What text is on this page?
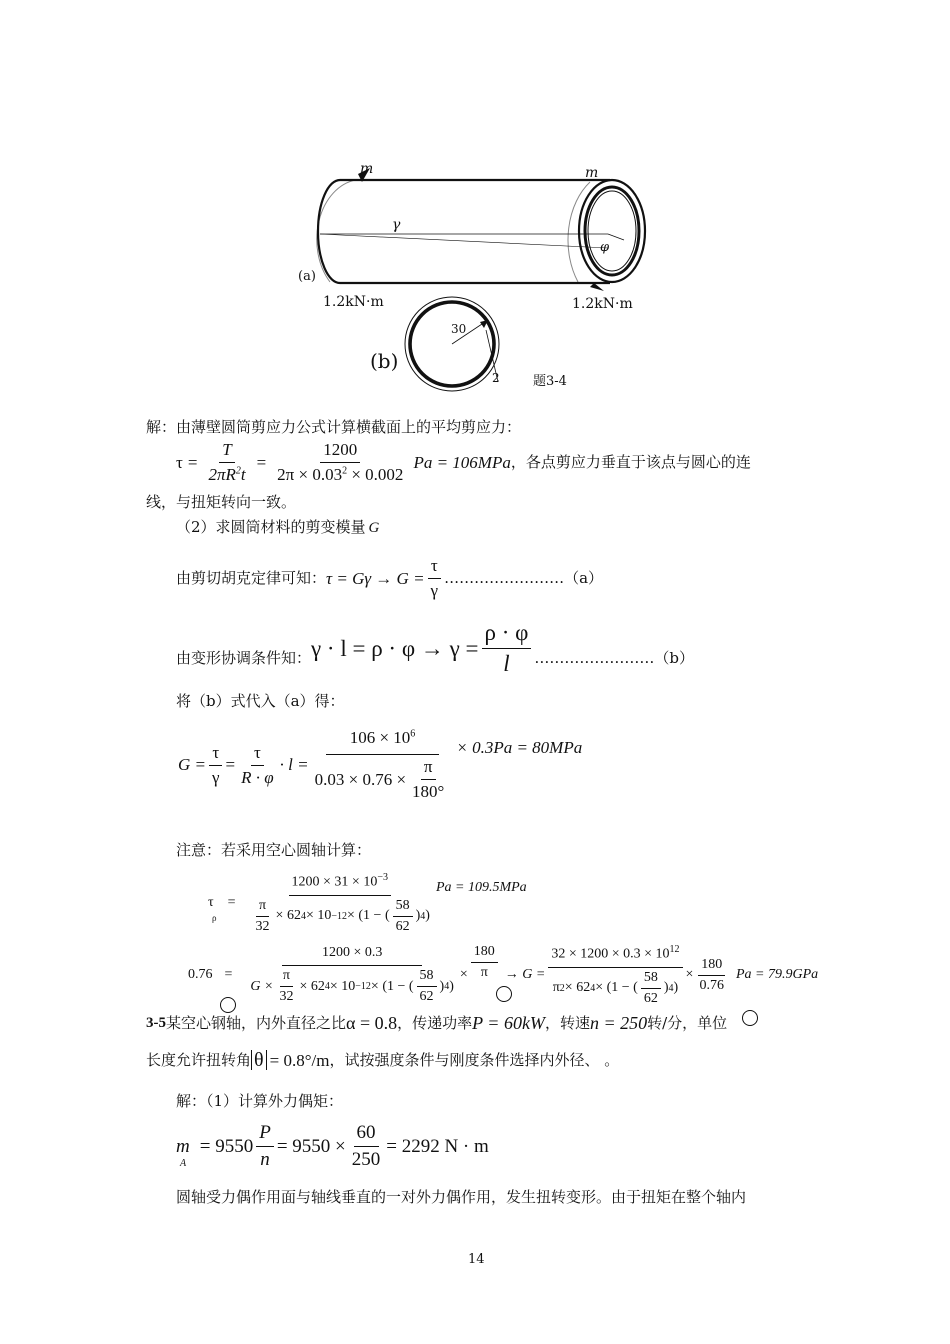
m	m
γ
φ
(a)
1.2kN·m	1.2kN·m
(b)
30
2	题3-4
解：由薄壁圆筒剪应力公式计算横截面上的平均剪应力：
$\tau = \frac{T}{2\pi R^2t} = \frac{1200}{2\pi \times 0.03^2 \times 0.002}$ Pa = 106MPa ，各点剪应力垂直于该点与圆心的连
线，与扭矩转向一致。
（2）求圆筒材料的剪变模量 G
由剪切胡克定律可知： $\tau = G\gamma \to G = \frac{\tau}{\gamma}$ ……………………（a）
由变形协调条件知： $\gamma \cdot l = \rho \cdot \varphi \to \gamma = \frac{\rho \cdot \varphi}{l}$ ……………………（b）
将（b）式代入（a）得：
$G = \frac{\tau}{\gamma} = \frac{\tau}{R \cdot \varphi} \cdot l = \frac{106 \times 10^6}{0.03 \times 0.76 \times \frac{\pi}{180^\circ}} \times 0.3Pa = 80MPa$
注意：若采用空心圆轴计算：
τ
ρ
=
$1200 \times 31 \times 10^{-3}$
$\frac{\pi}{32} \times 62$ 4 × 10 −12 × (1 − ( $\frac{58}{62}$ ) 4 )
Pa = 109.5MPa
0.76 =
1200 × 0.3
$G \times \frac{\pi}{32} \times 62$ 4 × 10 −12 × (1 − ( $\frac{58}{62}$ ) 4 )
× $\frac{180}{\pi} \to G = \frac{32 \times 1200 \times 0.3 \times 10^{12}}{\pi 2 \times 62 4 \times (1 - ( \frac{58}{62} ) 4 )} \times \frac{180}{0.76}$ Pa = 79.9GPa
3-5 某空心钢轴，内外直径之比 α = 0.8 ，传递功率 P = 60kW ，转速 n = 250 转/分，单位
长度允许扭转角 θ = 0.8°/m ，试按强度条件与刚度条件选择内外径 、 。
解：（1）计算外力偶矩：
m
A
= $9550 \frac{P}{n} = 9550 \times \frac{60}{250} = 2292$ N · m
圆轴受力偶作用面与轴线垂直的一对外力偶作用，发生扭转变形。由于扭矩在整个轴内
14
